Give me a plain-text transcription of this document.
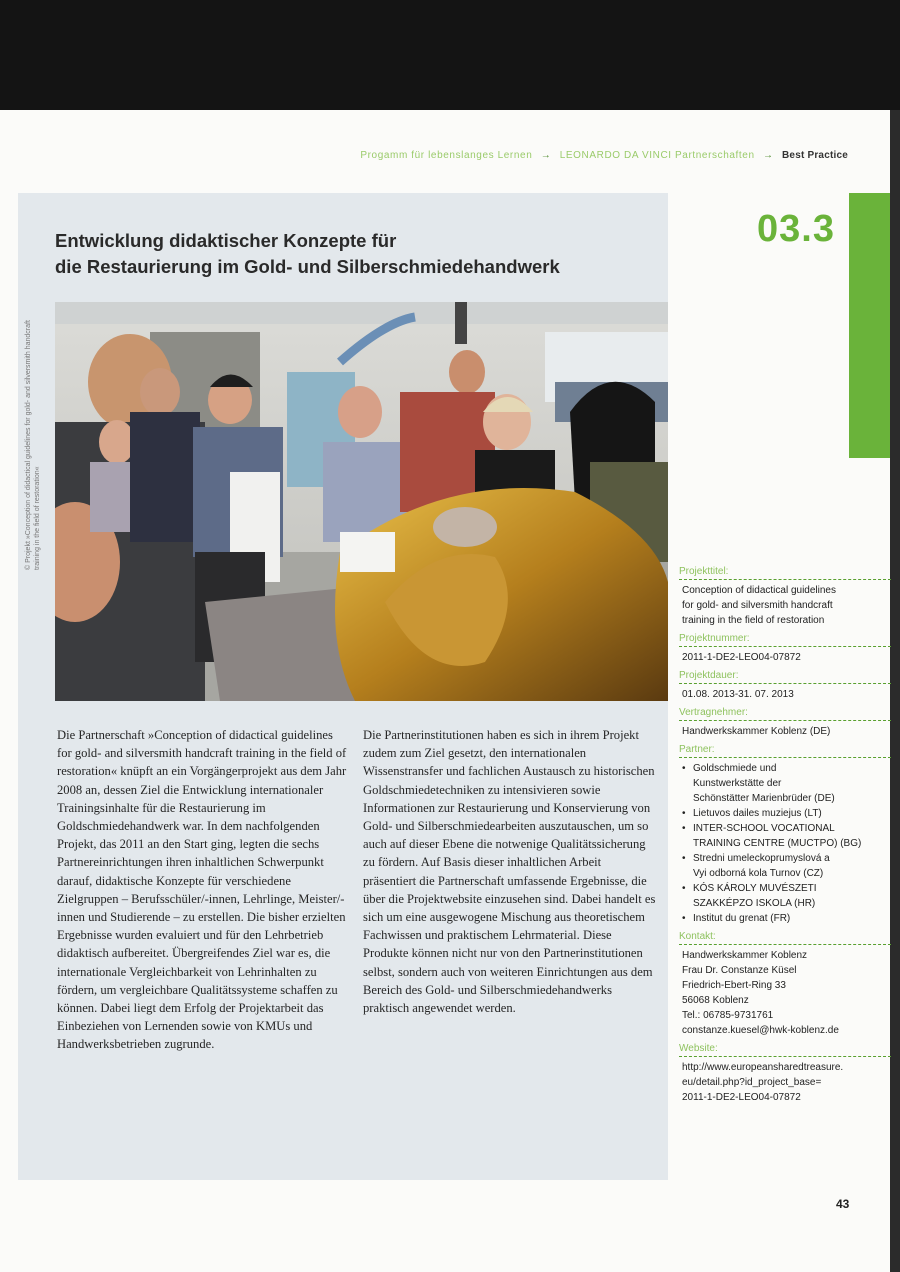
Progamm für lebenslanges Lernen → LEONARDO DA VINCI Partnerschaften → Best Practice
© Projekt »Conception of didactical guidelines for gold- and silversmith handcraft training in the field of restoration«
Entwicklung didaktischer Konzepte für
die Restaurierung im Gold- und Silberschmiedehandwerk
03.3
Die Partnerschaft »Conception of didactical guidelines for gold- and silversmith handcraft training in the field of restoration« knüpft an ein Vorgängerprojekt aus dem Jahr 2008 an, dessen Ziel die Entwicklung internationaler Trainingsinhalte für die Restaurierung im Goldschmiedehandwerk war. In dem nachfolgenden Projekt, das 2011 an den Start ging, legten die sechs Partnereinrichtungen ihren inhaltlichen Schwerpunkt darauf, didaktische Konzepte für verschiedene Zielgruppen – Berufsschüler/-innen, Lehrlinge, Meister/-innen und Studierende – zu erstellen. Die bisher erzielten Ergebnisse wurden evaluiert und für den Lehrbetrieb didaktisch aufbereitet. Übergreifendes Ziel war es, die internationale Vergleichbarkeit von Lehrinhalten zu fördern, um vergleichbare Qualitätssysteme schaffen zu können. Dabei liegt dem Erfolg der Projektarbeit das Einbeziehen von Lernenden sowie von KMUs und Handwerksbetrieben zugrunde.
Die Partnerinstitutionen haben es sich in ihrem Projekt zudem zum Ziel gesetzt, den internationalen Wissenstransfer und fachlichen Austausch zu historischen Goldschmiedetechniken zu intensivieren sowie Informationen zur Restaurierung und Konservierung von Gold- und Silberschmiedearbeiten auszutauschen, um so auch auf dieser Ebene die notwenige Qualitätssicherung zu fördern. Auf Basis dieser inhaltlichen Arbeit präsentiert die Partnerschaft umfassende Ergebnisse, die über die Projektwebsite einzusehen sind. Dabei handelt es sich um eine ausgewogene Mischung aus theoretischem Fachwissen und praktischem Lehrmaterial. Diese Produkte können nicht nur von den Partnerinstitutionen selbst, sondern auch von weiteren Einrichtungen aus dem Bereich des Gold- und Silberschmiedehandwerks praktisch angewendet werden.
Projekttitel:
Conception of didactical guidelines
for gold- and silversmith handcraft
training in the field of restoration
Projektnummer:
2011-1-DE2-LEO04-07872
Projektdauer:
01.08. 2013-31. 07. 2013
Vertragnehmer:
Handwerkskammer Koblenz (DE)
Partner:
• Goldschmiede und
Kunstwerkstätte der
Schönstätter Marienbrüder (DE)
• Lietuvos dailes muziejus (LT)
• INTER-SCHOOL VOCATIONAL
TRAINING CENTRE (MUCTPO) (BG)
• Stredni umeleckoprumyslová a
Vyi odborná kola Turnov (CZ)
• KÓS KÁROLY MUVÉSZETI
SZAKKÉPZO ISKOLA (HR)
• Institut du grenat (FR)
Kontakt:
Handwerkskammer Koblenz
Frau Dr. Constanze Küsel
Friedrich-Ebert-Ring 33
56068 Koblenz
Tel.: 06785-9731761
constanze.kuesel@hwk-koblenz.de
Website:
http://www.europeansharedtreasure.
eu/detail.php?id_project_base=
2011-1-DE2-LEO04-07872
43
